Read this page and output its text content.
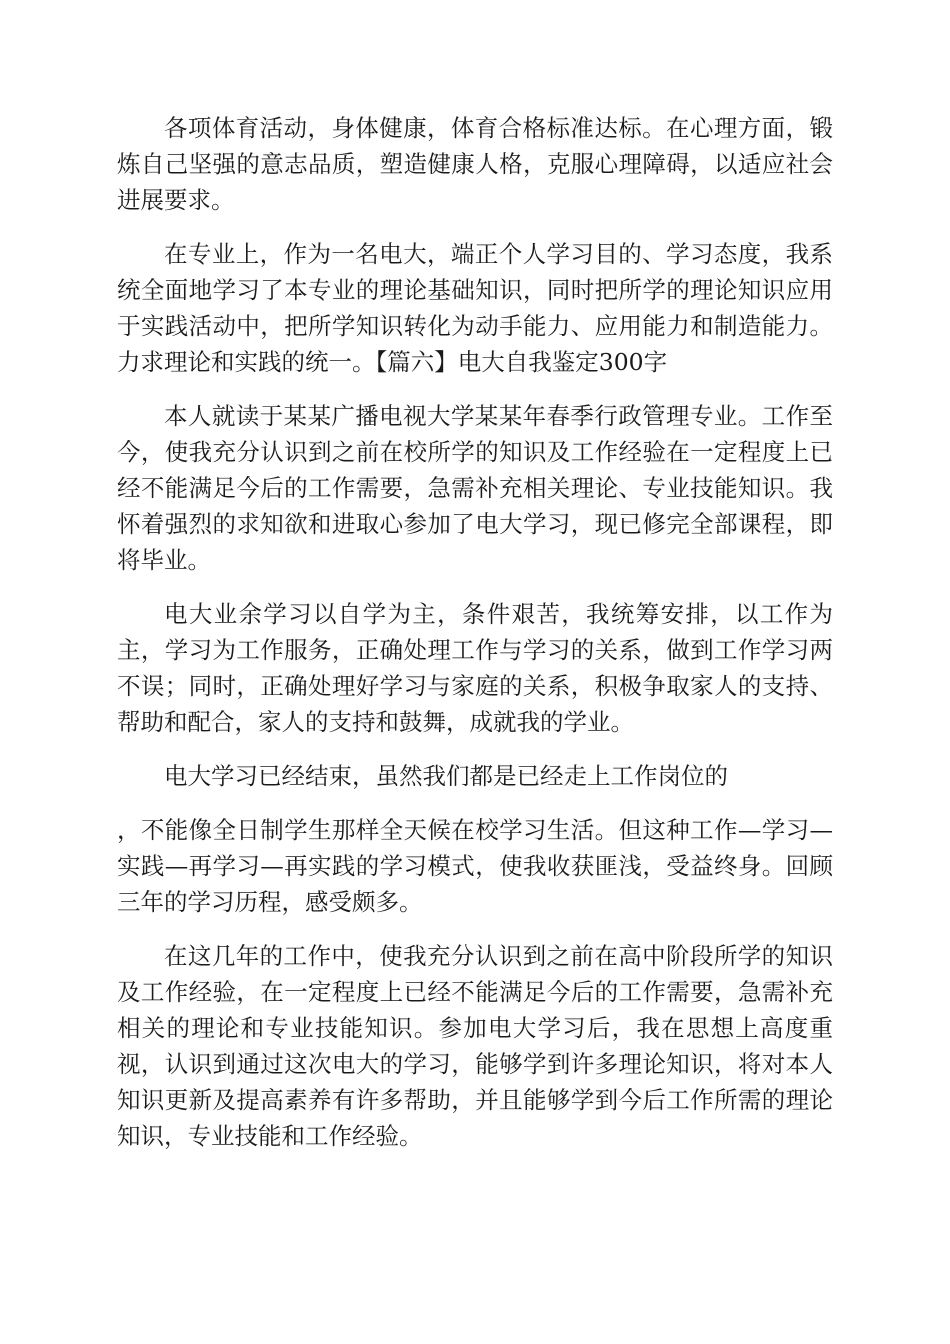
各项体育活动，身体健康，体育合格标准达标。在心理方面，锻炼自己坚强的意志品质，塑造健康人格，克服心理障碍，以适应社会进展要求。

在专业上，作为一名电大，端正个人学习目的、学习态度，我系统全面地学习了本专业的理论基础知识，同时把所学的理论知识应用于实践活动中，把所学知识转化为动手能力、应用能力和制造能力。力求理论和实践的统一。【篇六】电大自我鉴定300字

本人就读于某某广播电视大学某某年春季行政管理专业。工作至今，使我充分认识到之前在校所学的知识及工作经验在一定程度上已经不能满足今后的工作需要，急需补充相关理论、专业技能知识。我怀着强烈的求知欲和进取心参加了电大学习，现已修完全部课程，即将毕业。

电大业余学习以自学为主，条件艰苦，我统筹安排，以工作为主，学习为工作服务，正确处理工作与学习的关系，做到工作学习两不误；同时，正确处理好学习与家庭的关系，积极争取家人的支持、帮助和配合，家人的支持和鼓舞，成就我的学业。

电大学习已经结束，虽然我们都是已经走上工作岗位的

，不能像全日制学生那样全天候在校学习生活。但这种工作—学习—实践—再学习—再实践的学习模式，使我收获匪浅，受益终身。回顾三年的学习历程，感受颇多。

在这几年的工作中，使我充分认识到之前在高中阶段所学的知识及工作经验，在一定程度上已经不能满足今后的工作需要，急需补充相关的理论和专业技能知识。参加电大学习后，我在思想上高度重视，认识到通过这次电大的学习，能够学到许多理论知识，将对本人知识更新及提高素养有许多帮助，并且能够学到今后工作所需的理论知识，专业技能和工作经验。
